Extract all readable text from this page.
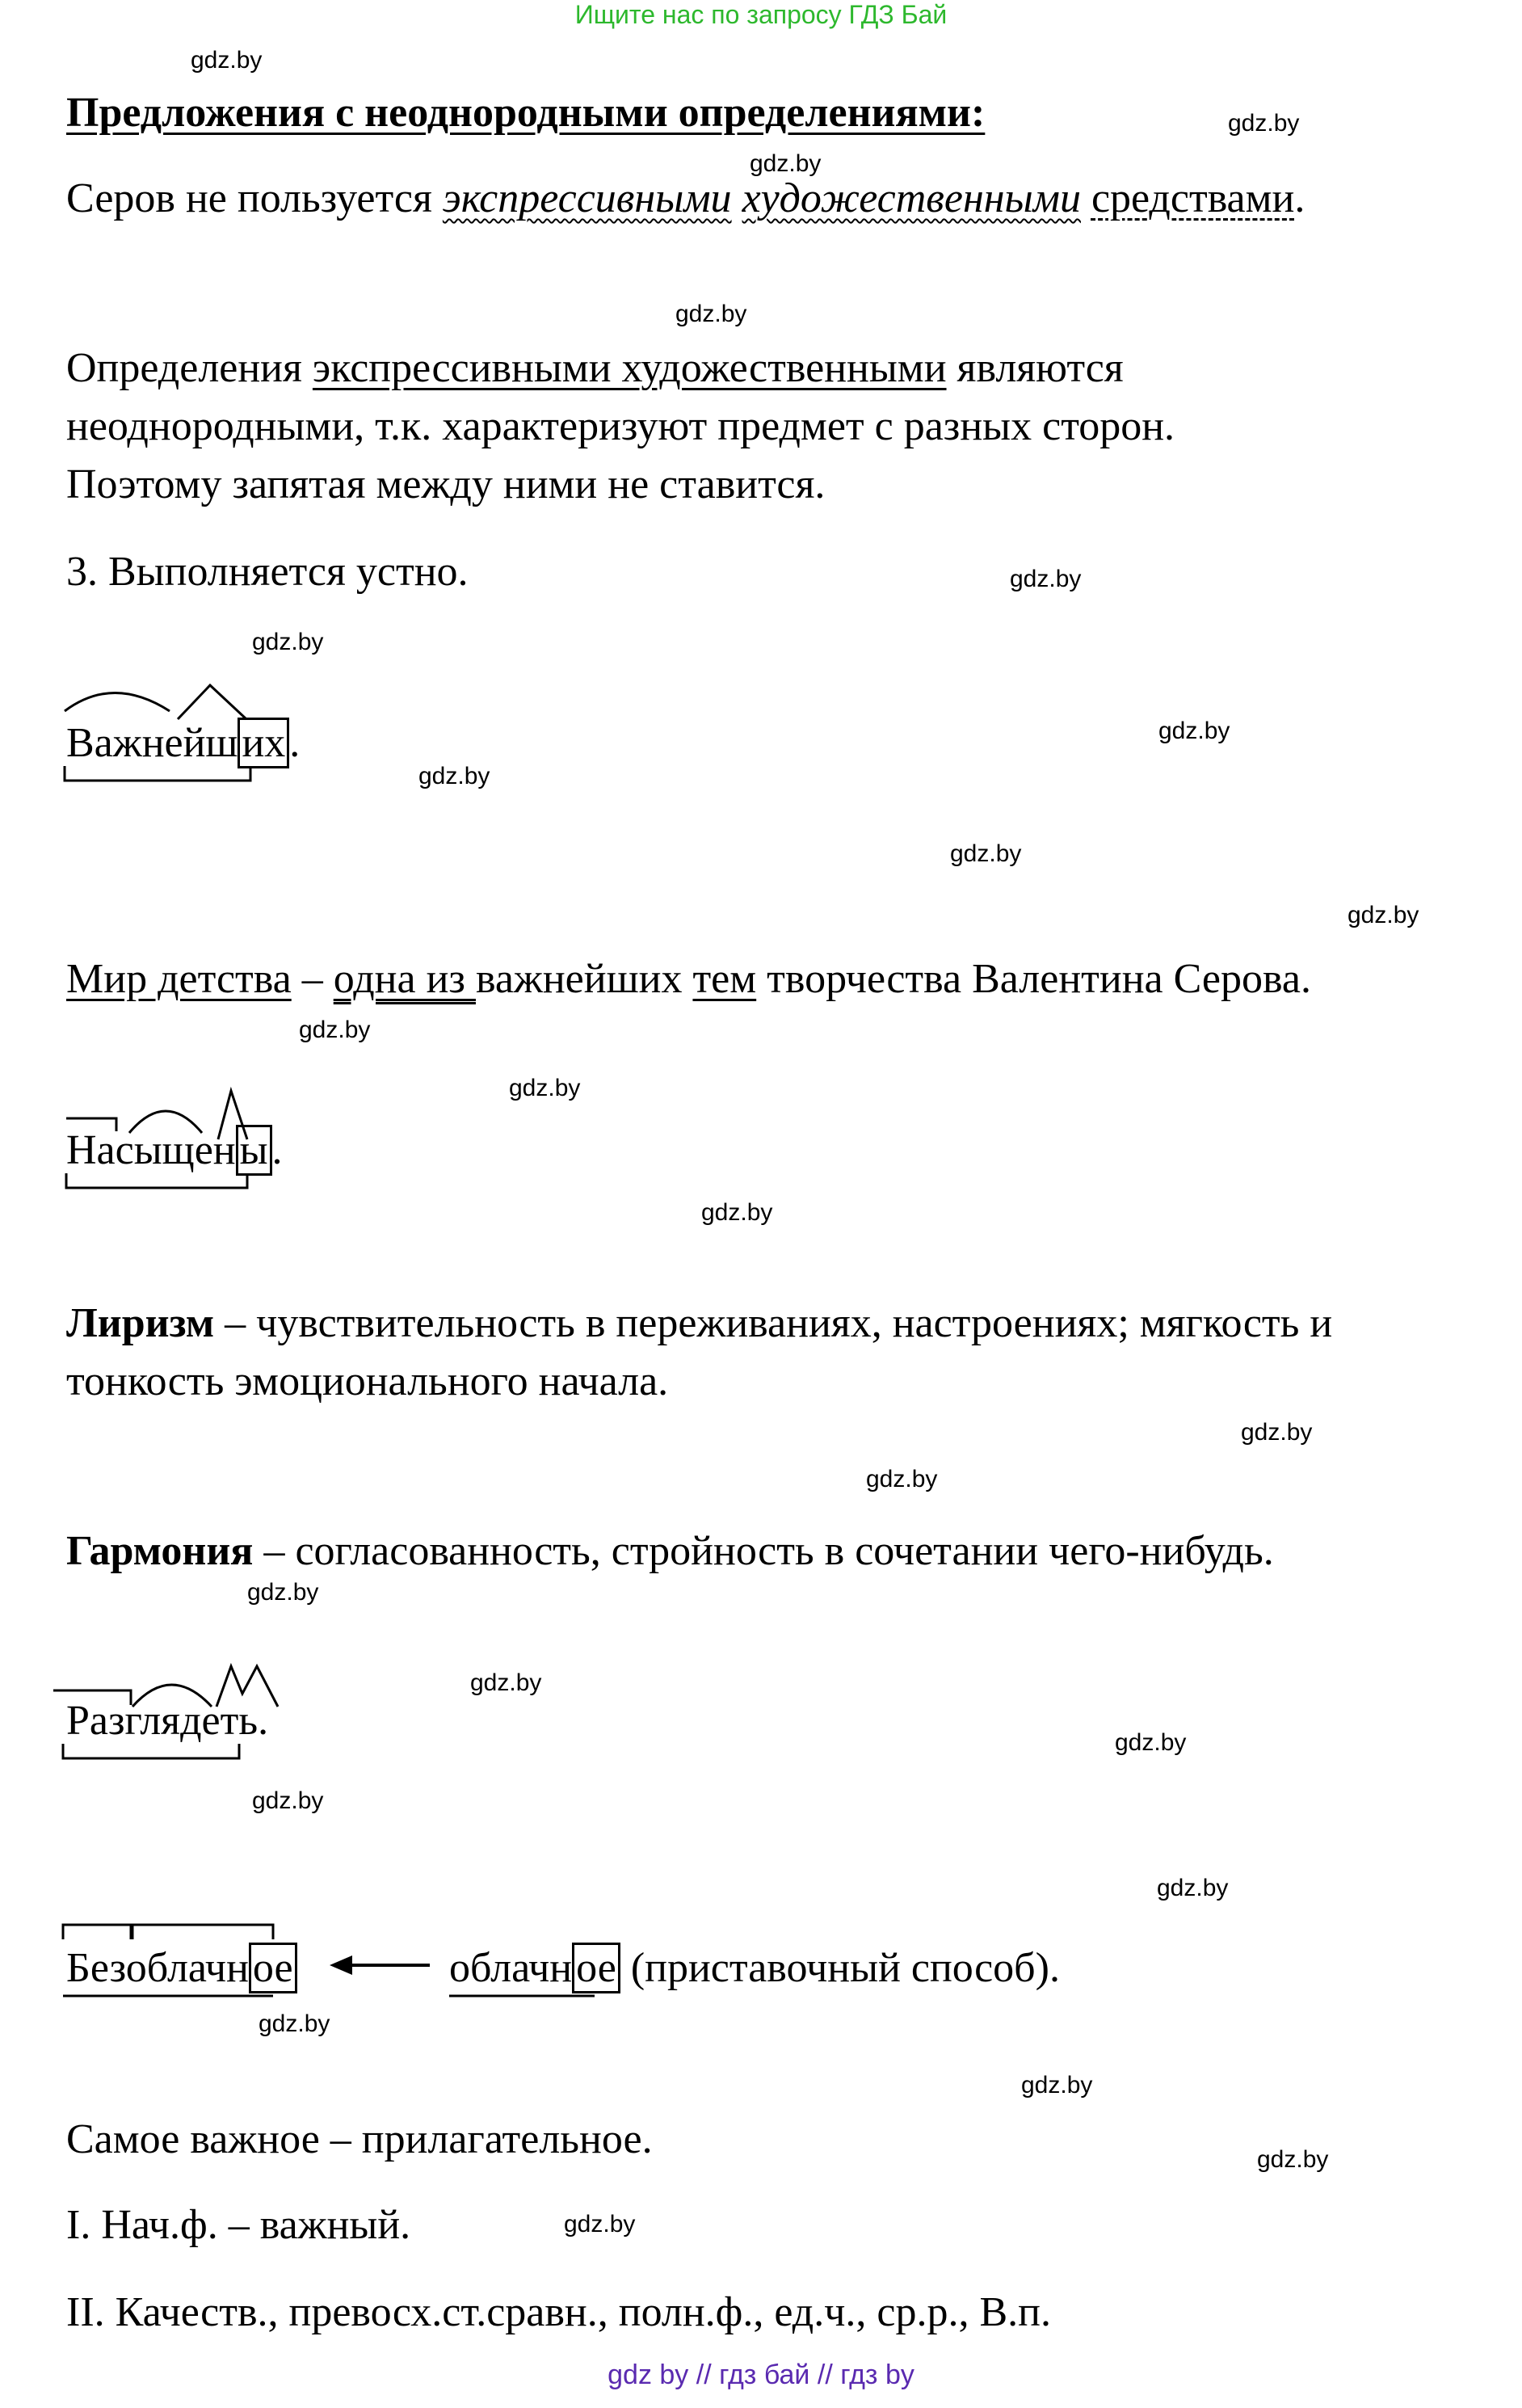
Ищите нас по запросу ГДЗ Бай
gdz.by
gdz.by
gdz.by
gdz.by
gdz.by
gdz.by
gdz.by
gdz.by
gdz.by
gdz.by
gdz.by
gdz.by
gdz.by
gdz.by
gdz.by
gdz.by
gdz.by
gdz.by
gdz.by
gdz.by
gdz.by
gdz.by
gdz.by
gdz.by
Предложения с неоднородными определениями:
Серов не пользуется экспрессивными художественными средствами.
Определения экспрессивными художественными являются
неоднородными, т.к. характеризуют предмет с разных сторон.
Поэтому запятая между ними не ставится.
3. Выполняется устно.
Важнейших.
Мир детства – одна из важнейших тем творчества Валентина Серова.
Насыщены.
Лиризм – чувствительность в переживаниях, настроениях; мягкость и
тонкость эмоционального начала.
Гармония – согласованность, стройность в сочетании чего-нибудь.
Разглядеть.
Безоблачное	облачное (приставочный способ).
Самое важное – прилагательное.
I. Нач.ф. – важный.
II. Качеств., превосх.ст.сравн., полн.ф., ед.ч., ср.р., В.п.
gdz by // гдз бай // гдз by
